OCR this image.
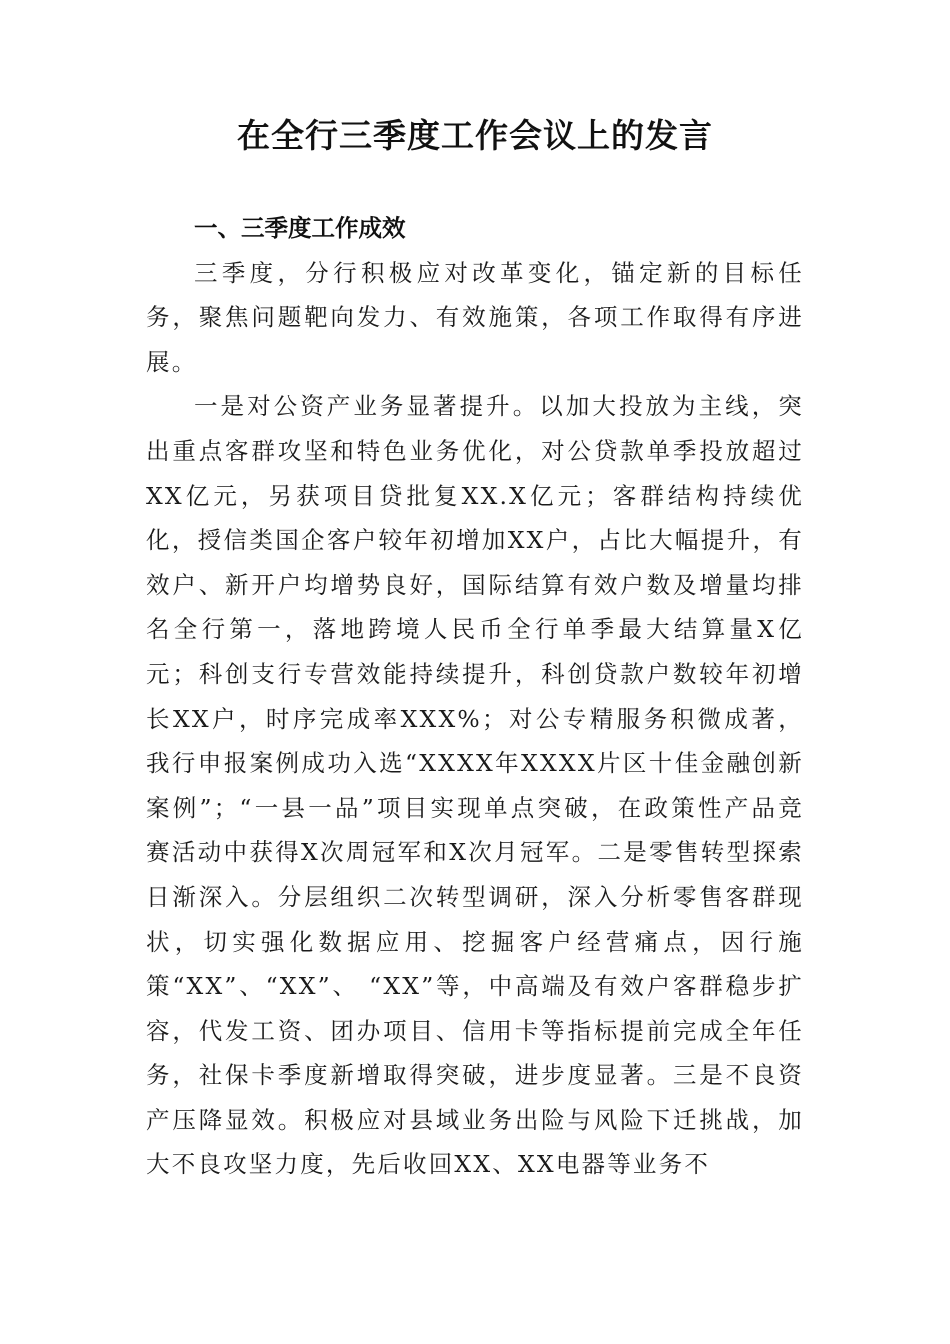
在全行三季度工作会议上的发言

一、三季度工作成效

三季度，分行积极应对改革变化，锚定新的目标任务，聚焦问题靶向发力、有效施策，各项工作取得有序进展。

一是对公资产业务显著提升。以加大投放为主线，突出重点客群攻坚和特色业务优化，对公贷款单季投放超过XX亿元，另获项目贷批复XX.X亿元；客群结构持续优化，授信类国企客户较年初增加XX户，占比大幅提升，有效户、新开户均增势良好，国际结算有效户数及增量均排名全行第一，落地跨境人民币全行单季最大结算量X亿元；科创支行专营效能持续提升，科创贷款户数较年初增长XX户，时序完成率XXX%；对公专精服务积微成著，我行申报案例成功入选“XXXX年XXXX片区十佳金融创新案例”；“一县一品”项目实现单点突破，在政策性产品竞赛活动中获得X次周冠军和X次月冠军。二是零售转型探索日渐深入。分层组织二次转型调研，深入分析零售客群现状，切实强化数据应用、挖掘客户经营痛点，因行施策“XX”、“XX”、 “XX”等，中高端及有效户客群稳步扩容，代发工资、团办项目、信用卡等指标提前完成全年任务，社保卡季度新增取得突破，进步度显著。三是不良资产压降显效。积极应对县域业务出险与风险下迁挑战，加大不良攻坚力度，先后收回XX、XX电器等业务不
